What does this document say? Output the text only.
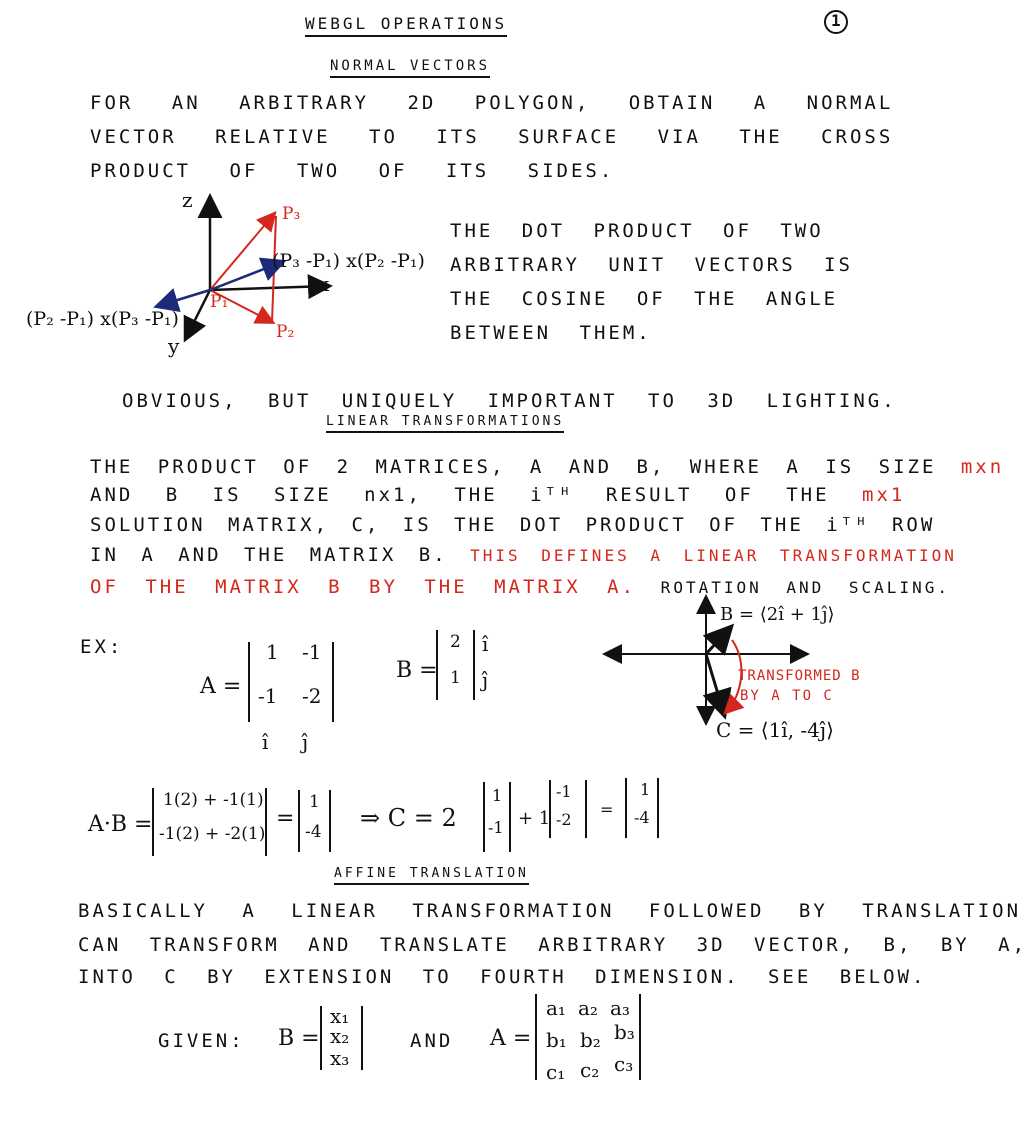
WEBGL OPERATIONS	1
NORMAL VECTORS
FOR AN ARBITRARY 2D POLYGON, OBTAIN A NORMAL
VECTOR RELATIVE TO ITS SURFACE VIA THE CROSS
PRODUCT OF TWO OF ITS SIDES.
z
x
y
P₁
P₂
P₃
(P₃ -P₁) x(P₂ -P₁)
(P₂ -P₁) x(P₃ -P₁)
THE DOT PRODUCT OF TWO
ARBITRARY UNIT VECTORS IS
THE COSINE OF THE ANGLE
BETWEEN THEM.
OBVIOUS, BUT UNIQUELY IMPORTANT TO 3D LIGHTING.
LINEAR TRANSFORMATIONS
THE PRODUCT OF 2 MATRICES, A AND B, WHERE A IS SIZE mxn
AND B IS SIZE nx1, THE iᵀᴴ RESULT OF THE mx1
SOLUTION MATRIX, C, IS THE DOT PRODUCT OF THE iᵀᴴ ROW
IN A AND THE MATRIX B. THIS DEFINES A LINEAR TRANSFORMATION
OF THE MATRIX B BY THE MATRIX A. ROTATION AND SCALING.
EX:
A =
1 -1
-1 -2
î ĵ
B =
2
1
î
ĵ
B = ⟨2î + 1ĵ⟩
TRANSFORMED B
BY A TO C
C = ⟨1î, -4ĵ⟩
A·B =
1(2) + -1(1)
-1(2) + -2(1)
=
1
-4 ⇒ C = 2
1
-1 + 1
-1
-2
=
1
-4
AFFINE TRANSLATION
BASICALLY A LINEAR TRANSFORMATION FOLLOWED BY TRANSLATION
CAN TRANSFORM AND TRANSLATE ARBITRARY 3D VECTOR, B, BY A,
INTO C BY EXTENSION TO FOURTH DIMENSION. SEE BELOW.
GIVEN: B =
x₁
x₂
x₃
AND A =
a₁ a₂ a₃
b₁ b₂ b₃
c₁ c₂ c₃
